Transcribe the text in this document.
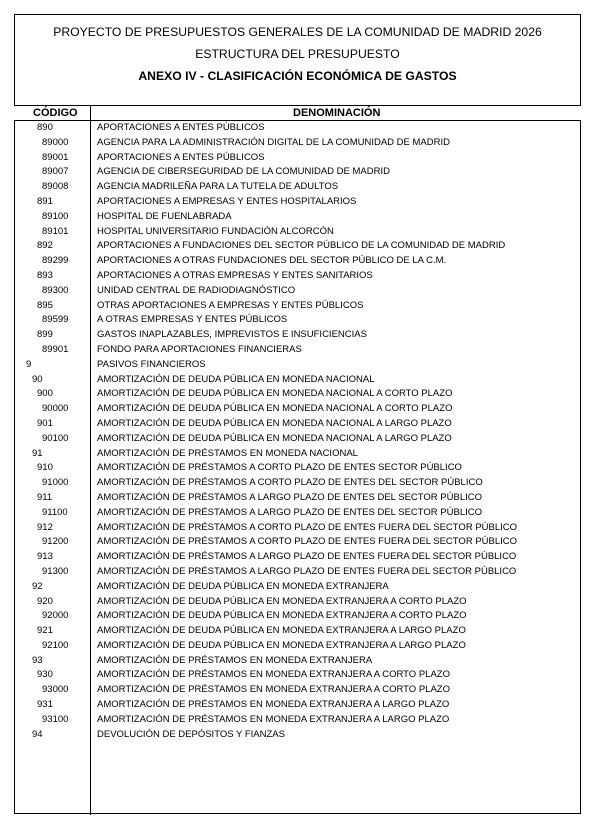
PROYECTO DE PRESUPUESTOS GENERALES DE LA COMUNIDAD DE MADRID 2026
ESTRUCTURA DEL PRESUPUESTO
ANEXO IV - CLASIFICACIÓN ECONÓMICA DE GASTOS
CÓDIGO	DENOMINACIÓN
890	APORTACIONES A ENTES PÚBLICOS
89000	AGENCIA PARA LA ADMINISTRACIÓN DIGITAL DE LA COMUNIDAD DE MADRID
89001	APORTACIONES A ENTES PÚBLICOS
89007	AGENCIA DE CIBERSEGURIDAD DE LA COMUNIDAD DE MADRID
89008	AGENCIA MADRILEÑA PARA LA TUTELA DE ADULTOS
891	APORTACIONES A EMPRESAS Y ENTES HOSPITALARIOS
89100	HOSPITAL DE FUENLABRADA
89101	HOSPITAL UNIVERSITARIO FUNDACIÓN ALCORCÓN
892	APORTACIONES A FUNDACIONES DEL SECTOR PÚBLICO DE LA COMUNIDAD DE MADRID
89299	APORTACIONES A OTRAS FUNDACIONES DEL SECTOR PÚBLICO DE LA C.M.
893	APORTACIONES A OTRAS EMPRESAS Y ENTES SANITARIOS
89300	UNIDAD CENTRAL DE RADIODIAGNÓSTICO
895	OTRAS APORTACIONES A EMPRESAS Y ENTES PÚBLICOS
89599	A OTRAS EMPRESAS Y ENTES PÚBLICOS
899	GASTOS INAPLAZABLES, IMPREVISTOS E INSUFICIENCIAS
89901	FONDO PARA APORTACIONES FINANCIERAS
9	PASIVOS FINANCIEROS
90	AMORTIZACIÓN DE DEUDA PÚBLICA EN MONEDA NACIONAL
900	AMORTIZACIÓN DE DEUDA PÚBLICA EN MONEDA NACIONAL A CORTO PLAZO
90000	AMORTIZACIÓN DE DEUDA PÚBLICA EN MONEDA NACIONAL A CORTO PLAZO
901	AMORTIZACIÓN DE DEUDA PÚBLICA EN MONEDA NACIONAL A LARGO PLAZO
90100	AMORTIZACIÓN DE DEUDA PÚBLICA EN MONEDA NACIONAL A LARGO PLAZO
91	AMORTIZACIÓN DE PRÉSTAMOS EN MONEDA NACIONAL
910	AMORTIZACIÓN DE PRÉSTAMOS A CORTO PLAZO DE ENTES SECTOR PÚBLICO
91000	AMORTIZACIÓN DE PRÉSTAMOS A CORTO PLAZO DE ENTES DEL SECTOR PÚBLICO
911	AMORTIZACIÓN DE PRÉSTAMOS A LARGO PLAZO DE ENTES DEL SECTOR PÚBLICO
91100	AMORTIZACIÓN DE PRÉSTAMOS A LARGO PLAZO DE ENTES DEL SECTOR PÚBLICO
912	AMORTIZACIÓN DE PRÉSTAMOS A CORTO PLAZO DE ENTES FUERA DEL SECTOR PÚBLICO
91200	AMORTIZACIÓN DE PRÉSTAMOS A CORTO PLAZO DE ENTES FUERA DEL SECTOR PÚBLICO
913	AMORTIZACIÓN DE PRÉSTAMOS A LARGO PLAZO DE ENTES FUERA DEL SECTOR PÚBLICO
91300	AMORTIZACIÓN DE PRÉSTAMOS A LARGO PLAZO DE ENTES FUERA DEL SECTOR PÚBLICO
92	AMORTIZACIÓN DE DEUDA PÚBLICA EN MONEDA EXTRANJERA
920	AMORTIZACIÓN DE DEUDA PÚBLICA EN MONEDA EXTRANJERA A CORTO PLAZO
92000	AMORTIZACIÓN DE DEUDA PÚBLICA EN MONEDA EXTRANJERA A CORTO PLAZO
921	AMORTIZACIÓN DE DEUDA PÚBLICA EN MONEDA EXTRANJERA A LARGO PLAZO
92100	AMORTIZACIÓN DE DEUDA PÚBLICA EN MONEDA EXTRANJERA A LARGO PLAZO
93	AMORTIZACIÓN DE PRÉSTAMOS EN MONEDA EXTRANJERA
930	AMORTIZACIÓN DE PRÉSTAMOS EN MONEDA EXTRANJERA A CORTO PLAZO
93000	AMORTIZACIÓN DE PRÉSTAMOS EN MONEDA EXTRANJERA A CORTO PLAZO
931	AMORTIZACIÓN DE PRÉSTAMOS EN MONEDA EXTRANJERA A LARGO PLAZO
93100	AMORTIZACIÓN DE PRÉSTAMOS EN MONEDA EXTRANJERA A LARGO PLAZO
94	DEVOLUCIÓN DE DEPÓSITOS Y FIANZAS
